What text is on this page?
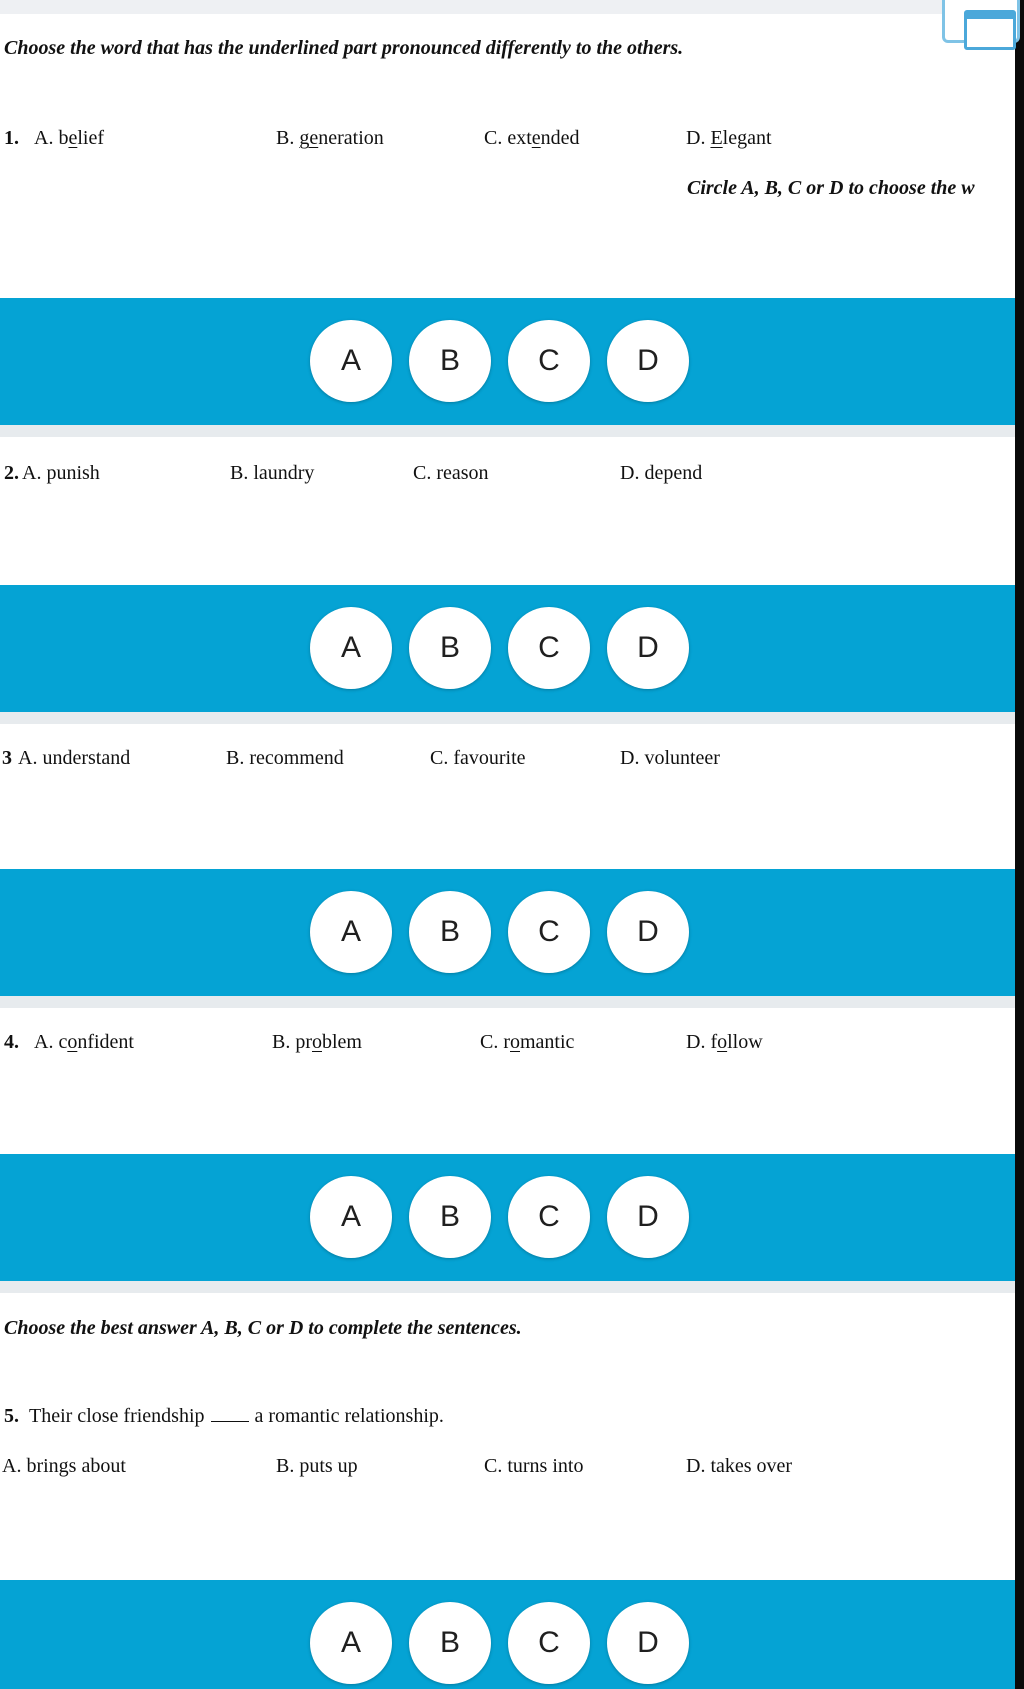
Choose the word that has the underlined part pronounced differently to the others.
1. A. belief	B. generation	C. extended	D. Elegant
Circle A, B, C or D to choose the w
A	B	C	D
2. A. punish	B. laundry	C. reason	D. depend
A	B	C	D
3 A. understand	B. recommend	C. favourite	D. volunteer
A	B	C	D
4. A. confident	B. problem	C. romantic	D. follow
A	B	C	D
Choose the best answer A, B, C or D to complete the sentences.
5. Their close friendship	a romantic relationship.
A. brings about	B. puts up	C. turns into	D. takes over
A	B	C	D
